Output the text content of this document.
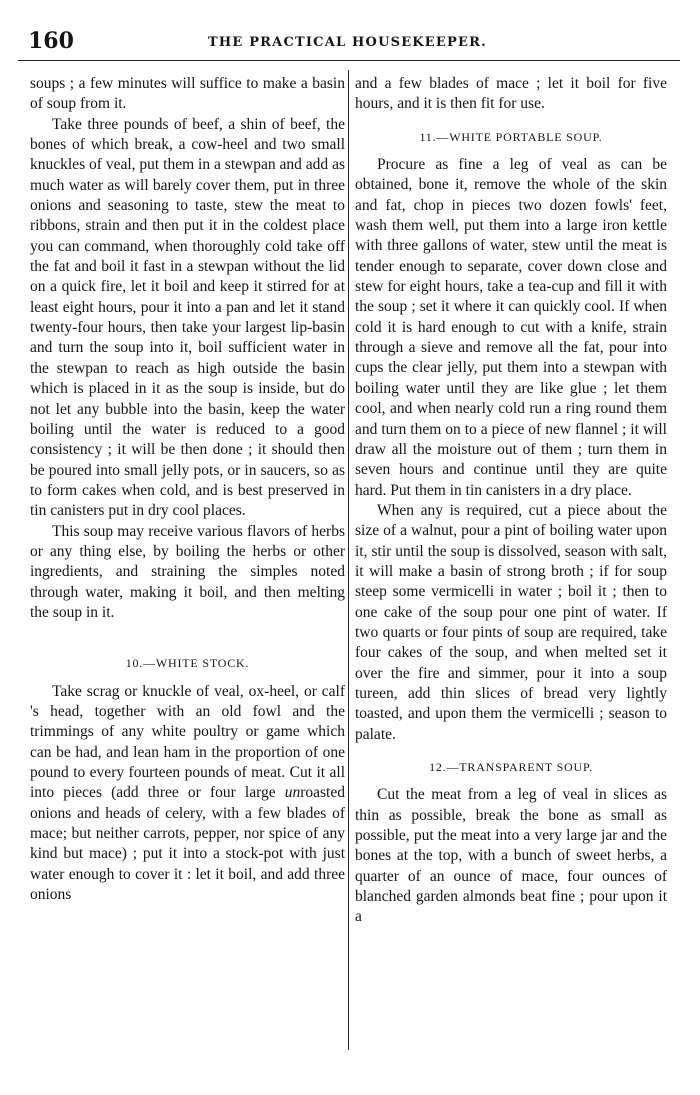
160	THE PRACTICAL HOUSEKEEPER.

soups ; a few minutes will suffice to make a basin of soup from it.

Take three pounds of beef, a shin of beef, the bones of which break, a cow-heel and two small knuckles of veal, put them in a stewpan and add as much water as will barely cover them, put in three onions and seasoning to taste, stew the meat to ribbons, strain and then put it in the coldest place you can command, when thoroughly cold take off the fat and boil it fast in a stewpan without the lid on a quick fire, let it boil and keep it stirred for at least eight hours, pour it into a pan and let it stand twenty-four hours, then take your largest lip-basin and turn the soup into it, boil sufficient water in the stewpan to reach as high outside the basin which is placed in it as the soup is inside, but do not let any bubble into the basin, keep the water boiling until the water is reduced to a good consistency ; it will be then done ; it should then be poured into small jelly pots, or in saucers, so as to form cakes when cold, and is best preserved in tin canisters put in dry cool places.

This soup may receive various flavors of herbs or any thing else, by boiling the herbs or other ingredients, and straining the simples noted through water, making it boil, and then melting the soup in it.

10.—WHITE STOCK.

Take scrag or knuckle of veal, ox-heel, or calf 's head, together with an old fowl and the trimmings of any white poultry or game which can be had, and lean ham in the proportion of one pound to every fourteen pounds of meat. Cut it all into pieces (add three or four large unroasted onions and heads of celery, with a few blades of mace; but neither carrots, pepper, nor spice of any kind but mace) ; put it into a stock-pot with just water enough to cover it : let it boil, and add three onions

and a few blades of mace ; let it boil for five hours, and it is then fit for use.

11.—WHITE PORTABLE SOUP.

Procure as fine a leg of veal as can be obtained, bone it, remove the whole of the skin and fat, chop in pieces two dozen fowls' feet, wash them well, put them into a large iron kettle with three gallons of water, stew until the meat is tender enough to separate, cover down close and stew for eight hours, take a tea-cup and fill it with the soup ; set it where it can quickly cool. If when cold it is hard enough to cut with a knife, strain through a sieve and remove all the fat, pour into cups the clear jelly, put them into a stewpan with boiling water until they are like glue ; let them cool, and when nearly cold run a ring round them and turn them on to a piece of new flannel ; it will draw all the moisture out of them ; turn them in seven hours and continue until they are quite hard. Put them in tin canisters in a dry place.

When any is required, cut a piece about the size of a walnut, pour a pint of boiling water upon it, stir until the soup is dissolved, season with salt, it will make a basin of strong broth ; if for soup steep some vermicelli in water ; boil it ; then to one cake of the soup pour one pint of water. If two quarts or four pints of soup are required, take four cakes of the soup, and when melted set it over the fire and simmer, pour it into a soup tureen, add thin slices of bread very lightly toasted, and upon them the vermicelli ; season to palate.

12.—TRANSPARENT SOUP.

Cut the meat from a leg of veal in slices as thin as possible, break the bone as small as possible, put the meat into a very large jar and the bones at the top, with a bunch of sweet herbs, a quarter of an ounce of mace, four ounces of blanched garden almonds beat fine ; pour upon it a
